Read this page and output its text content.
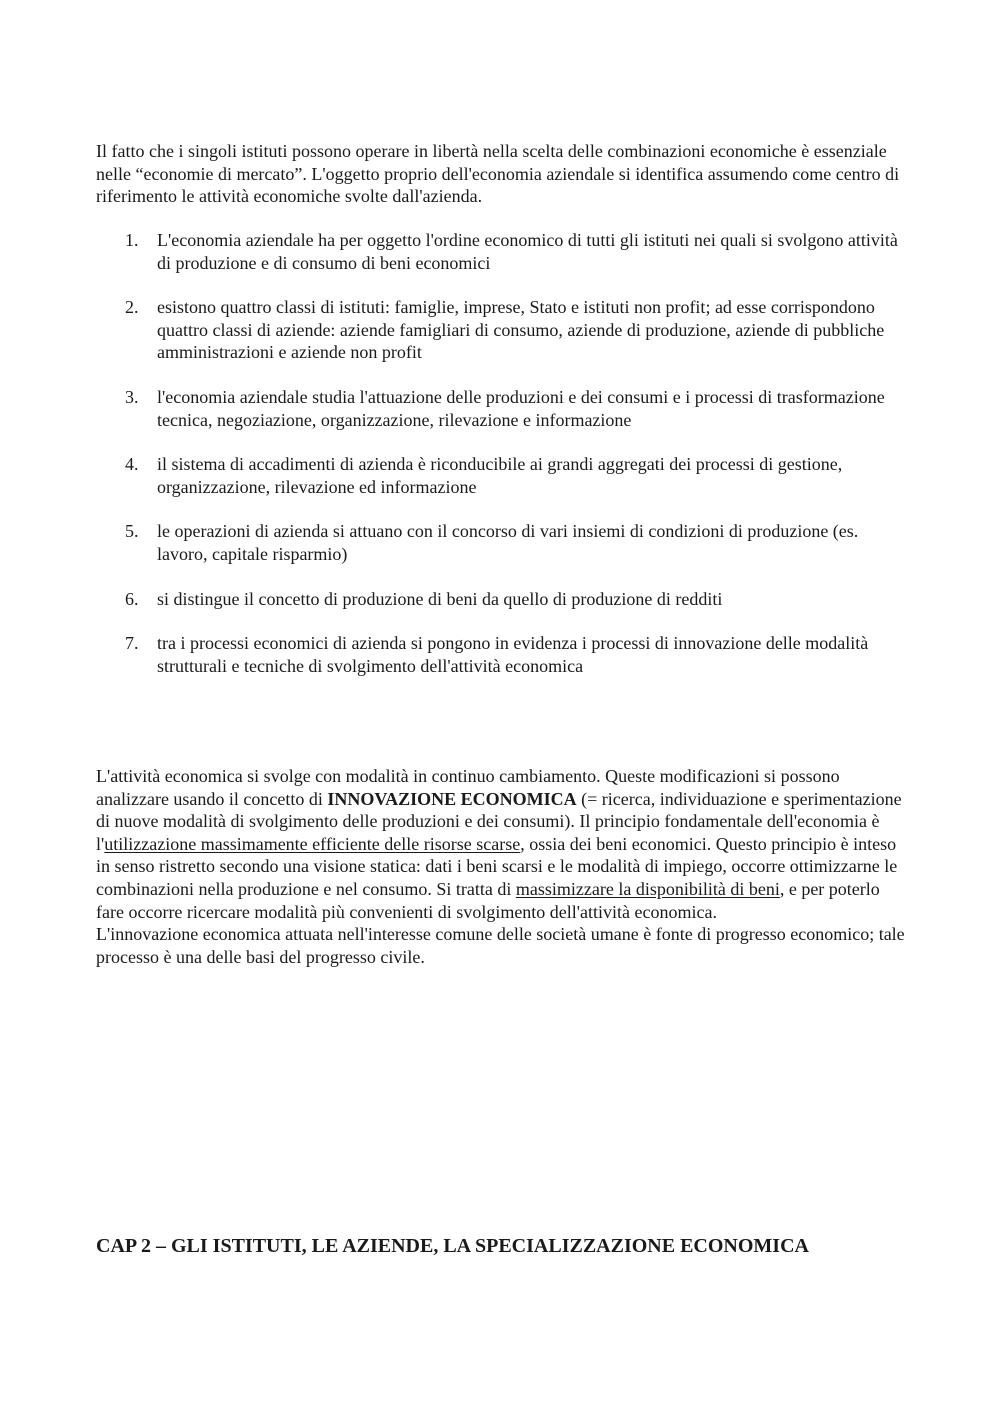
Il fatto che i singoli istituti possono operare in libertà nella scelta delle combinazioni economiche è essenziale nelle “economie di mercato”. L'oggetto proprio dell'economia aziendale si identifica assumendo come centro di riferimento le attività economiche svolte dall'azienda.

1. L'economia aziendale ha per oggetto l'ordine economico di tutti gli istituti nei quali si svolgono attività di produzione e di consumo di beni economici
2. esistono quattro classi di istituti: famiglie, imprese, Stato e istituti non profit; ad esse corrispondono quattro classi di aziende: aziende famigliari di consumo, aziende di produzione, aziende di pubbliche amministrazioni e aziende non profit
3. l'economia aziendale studia l'attuazione delle produzioni e dei consumi e i processi di trasformazione tecnica, negoziazione, organizzazione, rilevazione e informazione
4. il sistema di accadimenti di azienda è riconducibile ai grandi aggregati dei processi di gestione, organizzazione, rilevazione ed informazione
5. le operazioni di azienda si attuano con il concorso di vari insiemi di condizioni di produzione (es. lavoro, capitale risparmio)
6. si distingue il concetto di produzione di beni da quello di produzione di redditi
7. tra i processi economici di azienda si pongono in evidenza i processi di innovazione delle modalità strutturali e tecniche di svolgimento dell'attività economica

L'attività economica si svolge con modalità in continuo cambiamento. Queste modificazioni si possono analizzare usando il concetto di INNOVAZIONE ECONOMICA (= ricerca, individuazione e sperimentazione di nuove modalità di svolgimento delle produzioni e dei consumi). Il principio fondamentale dell'economia è l'utilizzazione massimamente efficiente delle risorse scarse, ossia dei beni economici. Questo principio è inteso in senso ristretto secondo una visione statica: dati i beni scarsi e le modalità di impiego, occorre ottimizzarne le combinazioni nella produzione e nel consumo. Si tratta di massimizzare la disponibilità di beni, e per poterlo fare occorre ricercare modalità più convenienti di svolgimento dell'attività economica.
L'innovazione economica attuata nell'interesse comune delle società umane è fonte di progresso economico; tale processo è una delle basi del progresso civile.

CAP 2 – GLI ISTITUTI, LE AZIENDE, LA SPECIALIZZAZIONE ECONOMICA
